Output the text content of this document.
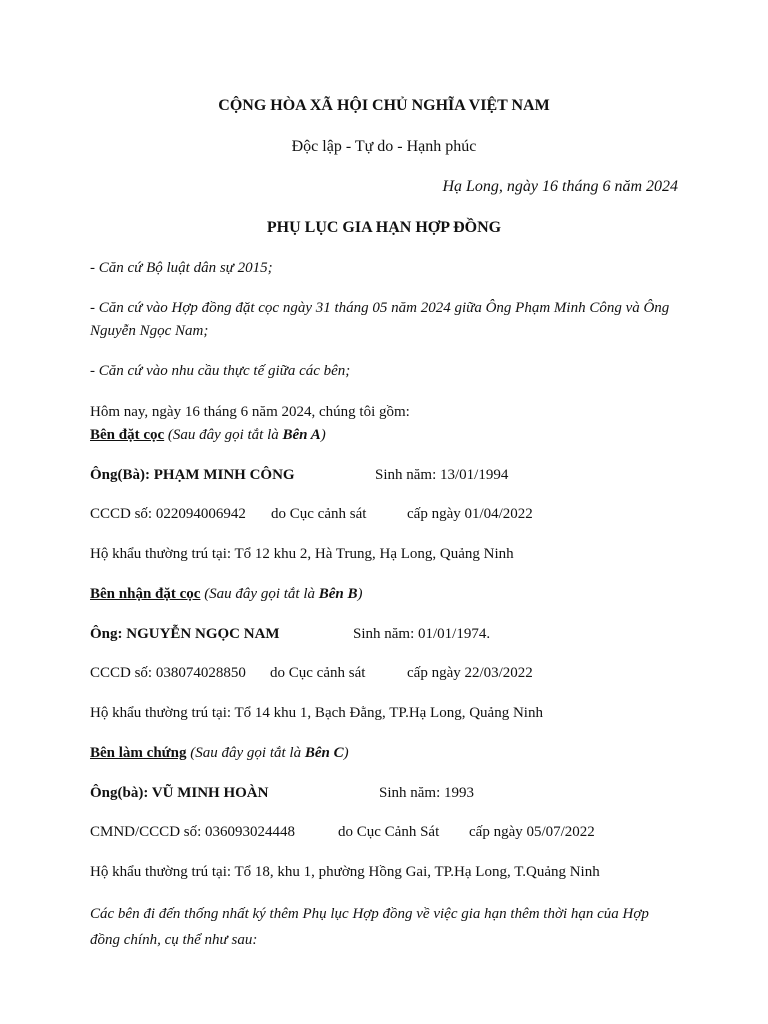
CỘNG HÒA XÃ HỘI CHỦ NGHĨA VIỆT NAM
Độc lập - Tự do - Hạnh phúc
Hạ Long, ngày 16 tháng 6 năm 2024
PHỤ LỤC GIA HẠN HỢP ĐỒNG
- Căn cứ Bộ luật dân sự 2015;
- Căn cứ vào Hợp đồng đặt cọc ngày 31 tháng 05 năm 2024 giữa Ông Phạm Minh Công và Ông Nguyễn Ngọc Nam;
- Căn cứ vào nhu cầu thực tế giữa các bên;
Hôm nay, ngày 16 tháng 6 năm 2024, chúng tôi gồm:
Bên đặt cọc (Sau đây gọi tắt là Bên A)
Ông(Bà): PHẠM MINH CÔNG	Sinh năm: 13/01/1994
CCCD số: 022094006942 do Cục cảnh sát	cấp ngày 01/04/2022
Hộ khẩu thường trú tại: Tổ 12 khu 2, Hà Trung, Hạ Long, Quảng Ninh
Bên nhận đặt cọc (Sau đây gọi tắt là Bên B)
Ông: NGUYỄN NGỌC NAM	Sinh năm: 01/01/1974.
CCCD số: 038074028850 do Cục cảnh sát	cấp ngày 22/03/2022
Hộ khẩu thường trú tại: Tổ 14 khu 1, Bạch Đằng, TP.Hạ Long, Quảng Ninh
Bên làm chứng (Sau đây gọi tắt là Bên C)
Ông(bà): VŨ MINH HOÀN	Sinh năm: 1993
CMND/CCCD số: 036093024448	do Cục Cảnh Sát cấp ngày 05/07/2022
Hộ khẩu thường trú tại: Tổ 18, khu 1, phường Hồng Gai, TP.Hạ Long, T.Quảng Ninh
Các bên đi đến thống nhất ký thêm Phụ lục Hợp đồng về việc gia hạn thêm thời hạn của Hợp đồng chính, cụ thể như sau:
